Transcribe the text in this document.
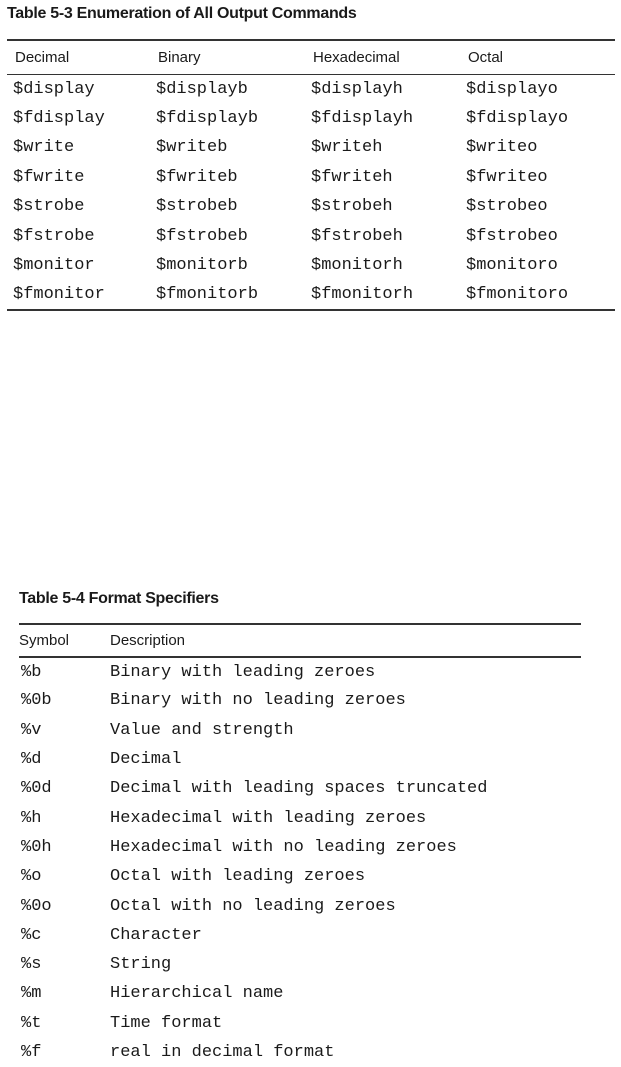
Table 5-3 Enumeration of All Output Commands
Decimal	Binary	Hexadecimal	Octal
$display	$displayb	$displayh	$displayo
$fdisplay	$fdisplayb	$fdisplayh	$fdisplayo
$write	$writeb	$writeh	$writeo
$fwrite	$fwriteb	$fwriteh	$fwriteo
$strobe	$strobeb	$strobeh	$strobeo
$fstrobe	$fstrobeb	$fstrobeh	$fstrobeo
$monitor	$monitorb	$monitorh	$monitoro
$fmonitor	$fmonitorb	$fmonitorh	$fmonitoro
Table 5-4 Format Specifiers
Symbol	Description
%b	Binary with leading zeroes
%0b	Binary with no leading zeroes
%v	Value and strength
%d	Decimal
%0d	Decimal with leading spaces truncated
%h	Hexadecimal with leading zeroes
%0h	Hexadecimal with no leading zeroes
%o	Octal with leading zeroes
%0o	Octal with no leading zeroes
%c	Character
%s	String
%m	Hierarchical name
%t	Time format
%f	real in decimal format
